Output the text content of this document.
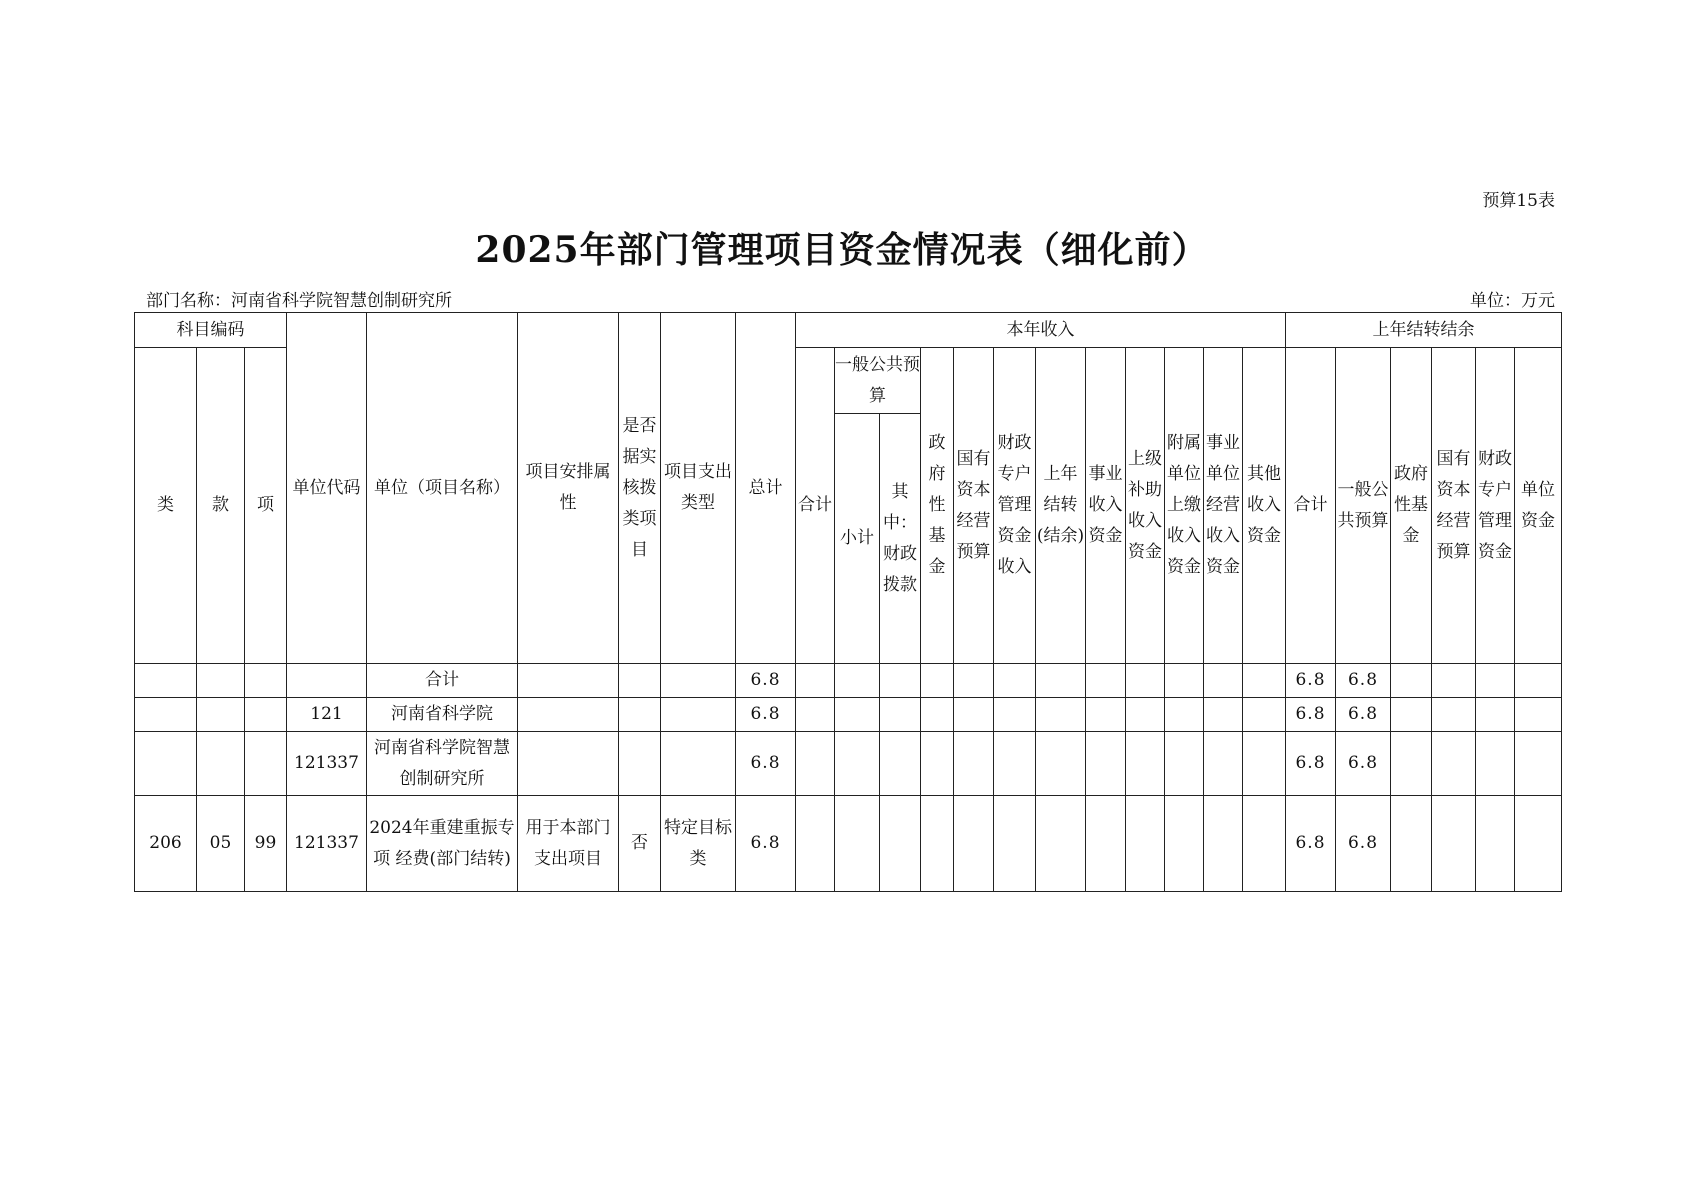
预算15表
2025年部门管理项目资金情况表（细化前）
部门名称：河南省科学院智慧创制研究所	单位：万元
科目编码			单位代码	单位（项目名称）	项目安排属性	是否据实核拨类项目	项目支出类型	总计	本年收入												上年结转结余					
类	款	项							合计	一般公共预算		政府性基金	国有资本经营预算	财政专户管理资金收入	上年结转(结余)	事业收入资金	上级补助收入资金	附属单位上缴收入资金	事业单位经营收入资金	其他收入资金	合计	一般公共预算	政府性基金	国有资本经营预算	财政专户管理资金	单位资金
										小计	其中：财政拨款															
				合计				6.8													6.8	6.8				
			121	河南省科学院				6.8													6.8	6.8				
			121337	河南省科学院智慧创制研究所				6.8													6.8	6.8				
206	05	99	121337	2024年重建重振专项 经费(部门结转)	用于本部门支出项目	否	特定目标类	6.8													6.8	6.8				
